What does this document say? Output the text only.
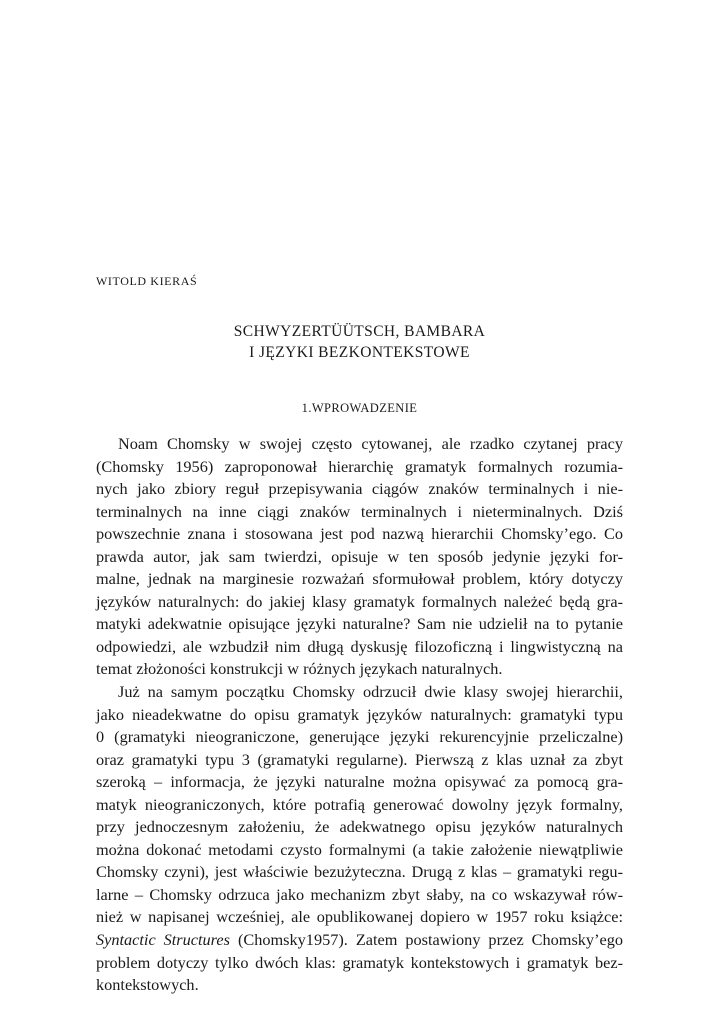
WITOLD KIERAŚ
SCHWYZERTÜÜTSCH, BAMBARA
I JĘZYKI BEZKONTEKSTOWE
1.WPROWADZENIE
Noam Chomsky w swojej często cytowanej, ale rzadko czytanej pracy
(Chomsky 1956) zaproponował hierarchię gramatyk formalnych rozumia-
nych jako zbiory reguł przepisywania ciągów znaków terminalnych i nie-
terminalnych na inne ciągi znaków terminalnych i nieterminalnych. Dziś
powszechnie znana i stosowana jest pod nazwą hierarchii Chomsky’ego. Co
prawda autor, jak sam twierdzi, opisuje w ten sposób jedynie języki for-
malne, jednak na marginesie rozważań sformułował problem, który dotyczy
języków naturalnych: do jakiej klasy gramatyk formalnych należeć będą gra-
matyki adekwatnie opisujące języki naturalne? Sam nie udzielił na to pytanie
odpowiedzi, ale wzbudził nim długą dyskusję filozoficzną i lingwistyczną na
temat złożoności konstrukcji w różnych językach naturalnych.
Już na samym początku Chomsky odrzucił dwie klasy swojej hierarchii,
jako nieadekwatne do opisu gramatyk języków naturalnych: gramatyki typu
0 (gramatyki nieograniczone, generujące języki rekurencyjnie przeliczalne)
oraz gramatyki typu 3 (gramatyki regularne). Pierwszą z klas uznał za zbyt
szeroką – informacja, że języki naturalne można opisywać za pomocą gra-
matyk nieograniczonych, które potrafią generować dowolny język formalny,
przy jednoczesnym założeniu, że adekwatnego opisu języków naturalnych
można dokonać metodami czysto formalnymi (a takie założenie niewątpliwie
Chomsky czyni), jest właściwie bezużyteczna. Drugą z klas – gramatyki regu-
larne – Chomsky odrzuca jako mechanizm zbyt słaby, na co wskazywał rów-
nież w napisanej wcześniej, ale opublikowanej dopiero w 1957 roku książce:
Syntactic Structures (Chomsky1957). Zatem postawiony przez Chomsky’ego
problem dotyczy tylko dwóch klas: gramatyk kontekstowych i gramatyk bez-
kontekstowych.
